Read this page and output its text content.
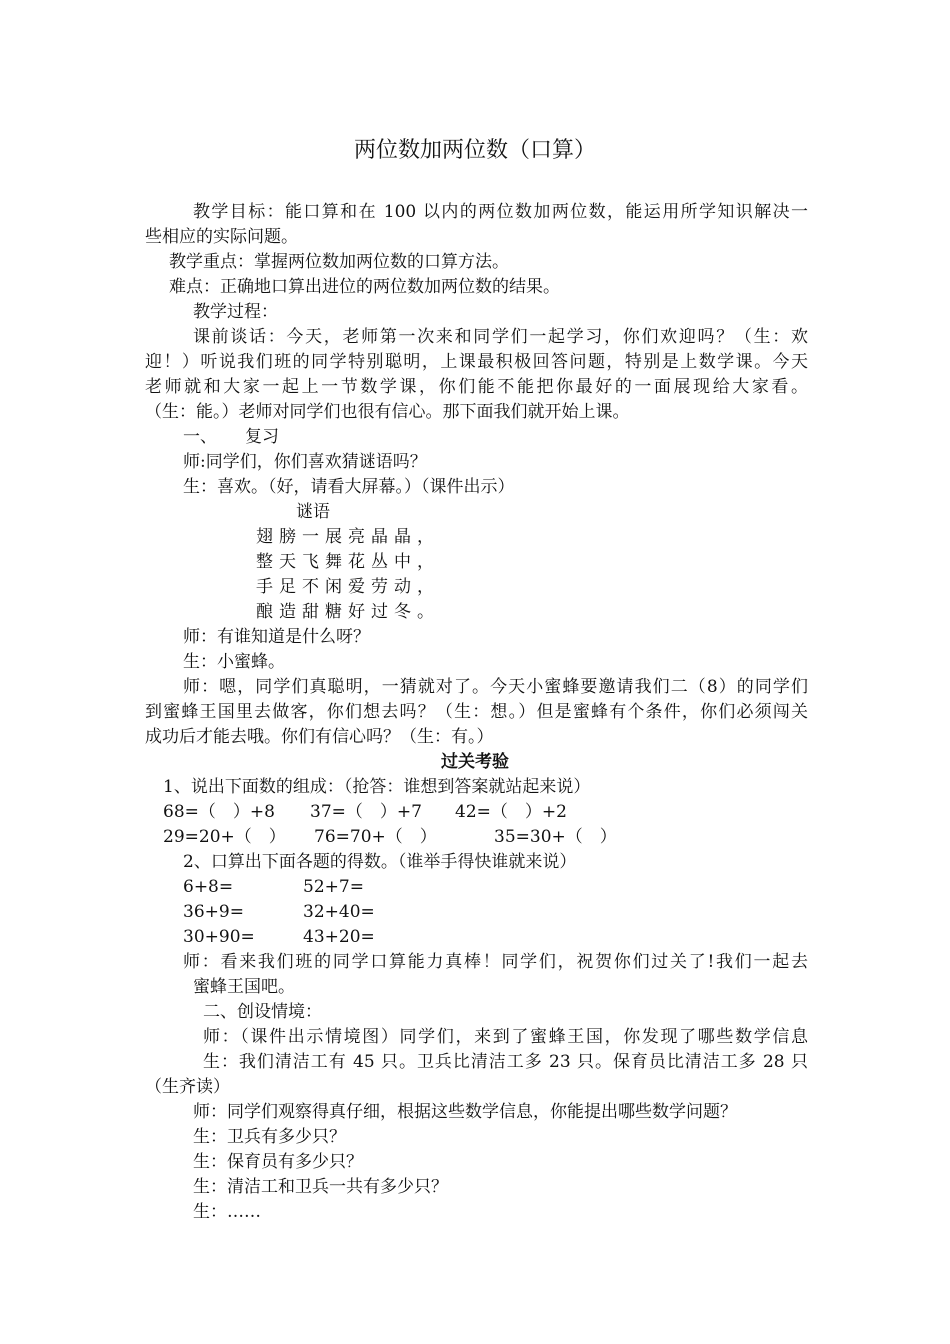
两位数加两位数（口算）
教学目标：能口算和在 100 以内的两位数加两位数，能运用所学知识解决一
些相应的实际问题。
教学重点：掌握两位数加两位数的口算方法。
难点：正确地口算出进位的两位数加两位数的结果。
教学过程：
课前谈话：今天，老师第一次来和同学们一起学习，你们欢迎吗？（生：欢
迎！）听说我们班的同学特别聪明，上课最积极回答问题，特别是上数学课。今天
老师就和大家一起上一节数学课，你们能不能把你最好的一面展现给大家看。
（生：能。）老师对同学们也很有信心。那下面我们就开始上课。
一、 复习
师:同学们，你们喜欢猜谜语吗？
生：喜欢。（好，请看大屏幕。）（课件出示）
谜语
翅膀一展亮晶晶，
整天飞舞花丛中，
手足不闲爱劳动，
酿造甜糖好过冬。
师：有谁知道是什么呀？
生：小蜜蜂。
师：嗯，同学们真聪明，一猜就对了。今天小蜜蜂要邀请我们二（8）的同学们
到蜜蜂王国里去做客，你们想去吗？（生：想。）但是蜜蜂有个条件，你们必须闯关
成功后才能去哦。你们有信心吗？（生：有。）
过关考验
1、说出下面数的组成：（抢答：谁想到答案就站起来说）
68=（　）+8 37=（　）+7 42=（　）+2
29=20+（　） 76=70+（　）	35=30+（　）
2、口算出下面各题的得数。（谁举手得快谁就来说）
6+8=	52+7=
36+9=	32+40=
30+90=	43+20=
师：看来我们班的同学口算能力真棒！同学们，祝贺你们过关了!我们一起去
蜜蜂王国吧。
二、创设情境：
师：（课件出示情境图）同学们，来到了蜜蜂王国，你发现了哪些数学信息
生：我们清洁工有 45 只。卫兵比清洁工多 23 只。保育员比清洁工多 28 只
（生齐读）
师：同学们观察得真仔细，根据这些数学信息，你能提出哪些数学问题？
生：卫兵有多少只？
生：保育员有多少只？
生：清洁工和卫兵一共有多少只？
生：……
